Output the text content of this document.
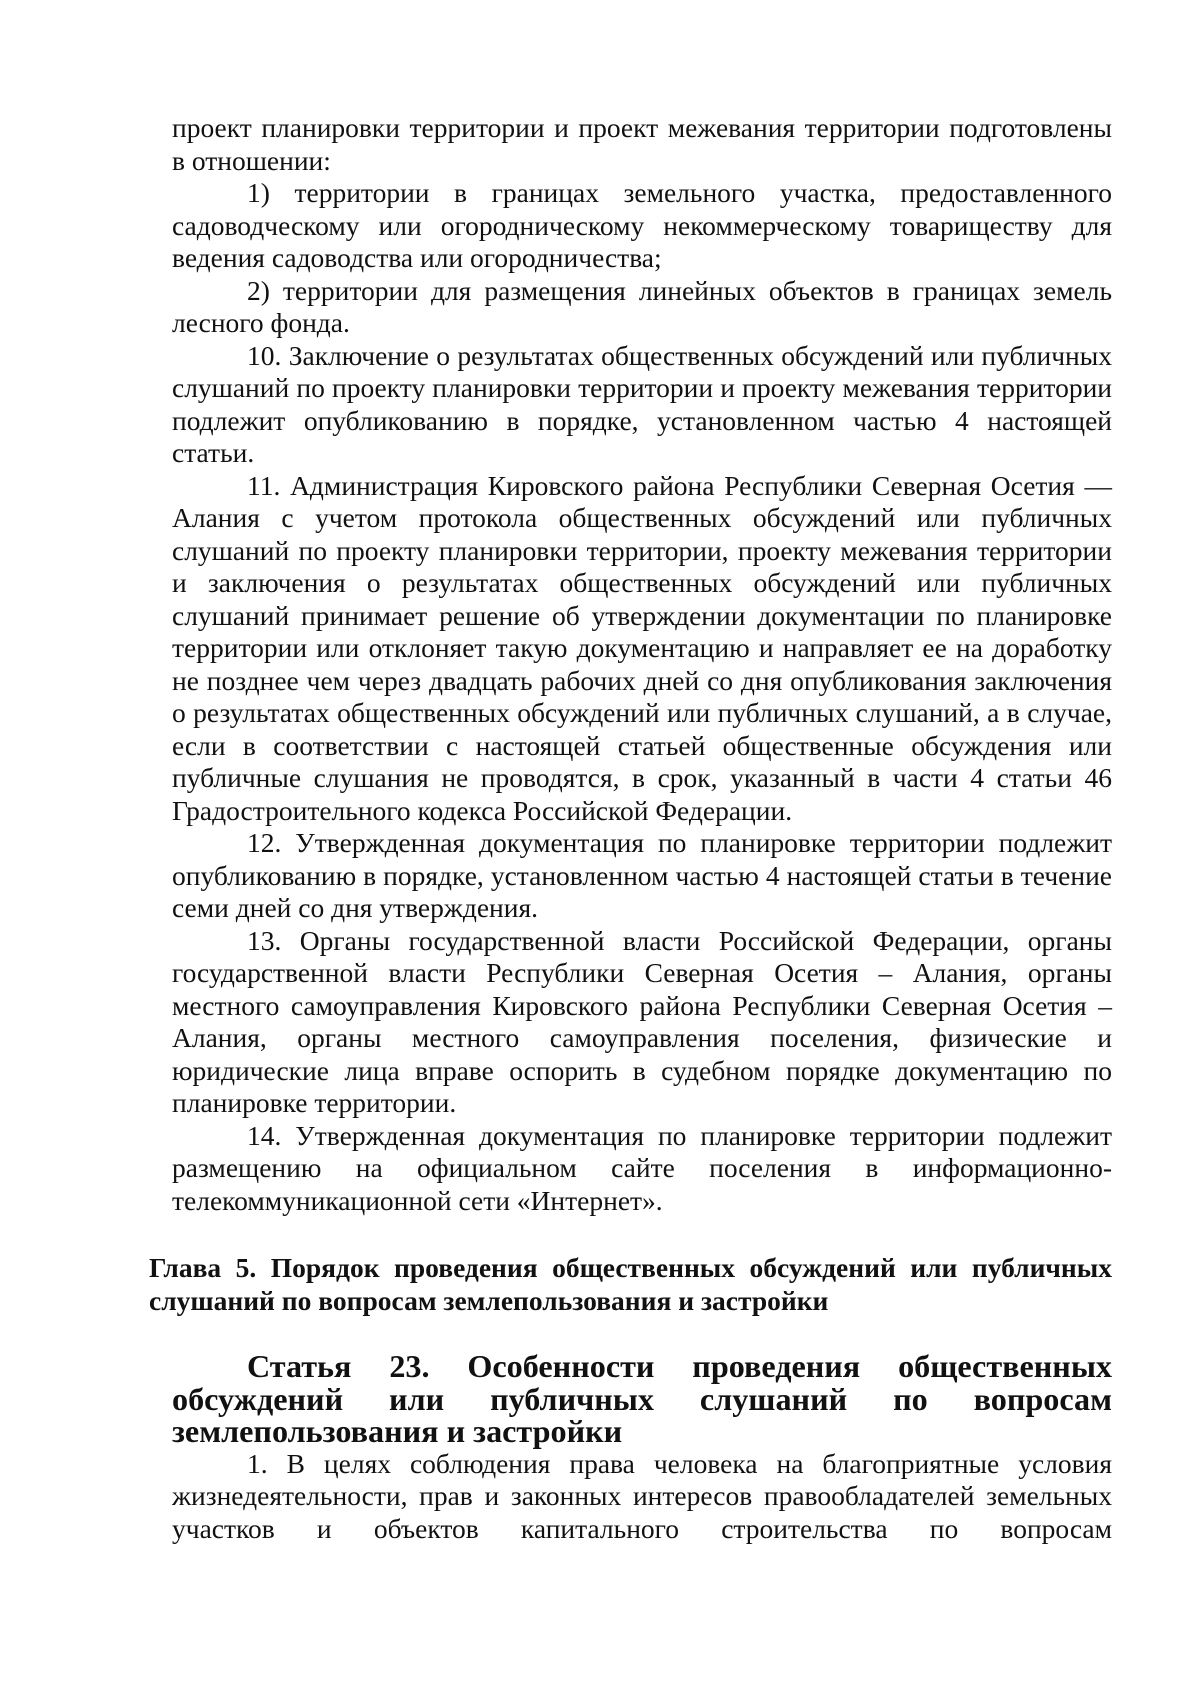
проект планировки территории и проект межевания территории подготовлены в отношении:

1) территории в границах земельного участка, предоставленного садоводческому или огородническому некоммерческому товариществу для ведения садоводства или огородничества;

2) территории для размещения линейных объектов в границах земель лесного фонда.

10. Заключение о результатах общественных обсуждений или публичных слушаний по проекту планировки территории и проекту межевания территории подлежит опубликованию в порядке, установленном частью 4 настоящей статьи.

11. Администрация Кировского района Республики Северная Осетия — Алания с учетом протокола общественных обсуждений или публичных слушаний по проекту планировки территории, проекту межевания территории и заключения о результатах общественных обсуждений или публичных слушаний принимает решение об утверждении документации по планировке территории или отклоняет такую документацию и направляет ее на доработку не позднее чем через двадцать рабочих дней со дня опубликования заключения о результатах общественных обсуждений или публичных слушаний, а в случае, если в соответствии с настоящей статьей общественные обсуждения или публичные слушания не проводятся, в срок, указанный в части 4 статьи 46 Градостроительного кодекса Российской Федерации.

12. Утвержденная документация по планировке территории подлежит опубликованию в порядке, установленном частью 4 настоящей статьи в течение семи дней со дня утверждения.

13. Органы государственной власти Российской Федерации, органы государственной власти Республики Северная Осетия – Алания, органы местного самоуправления Кировского района Республики Северная Осетия – Алания, органы местного самоуправления поселения, физические и юридические лица вправе оспорить в судебном порядке документацию по планировке территории.

14. Утвержденная документация по планировке территории подлежит размещению на официальном сайте поселения в информационно-телекоммуникационной сети «Интернет».

Глава 5. Порядок проведения общественных обсуждений или публичных слушаний по вопросам землепользования и застройки
Статья 23. Особенности проведения общественных обсуждений или публичных слушаний по вопросам землепользования и застройки

1. В целях соблюдения права человека на благоприятные условия жизнедеятельности, прав и законных интересов правообладателей земельных участков и объектов капитального строительства по вопросам
